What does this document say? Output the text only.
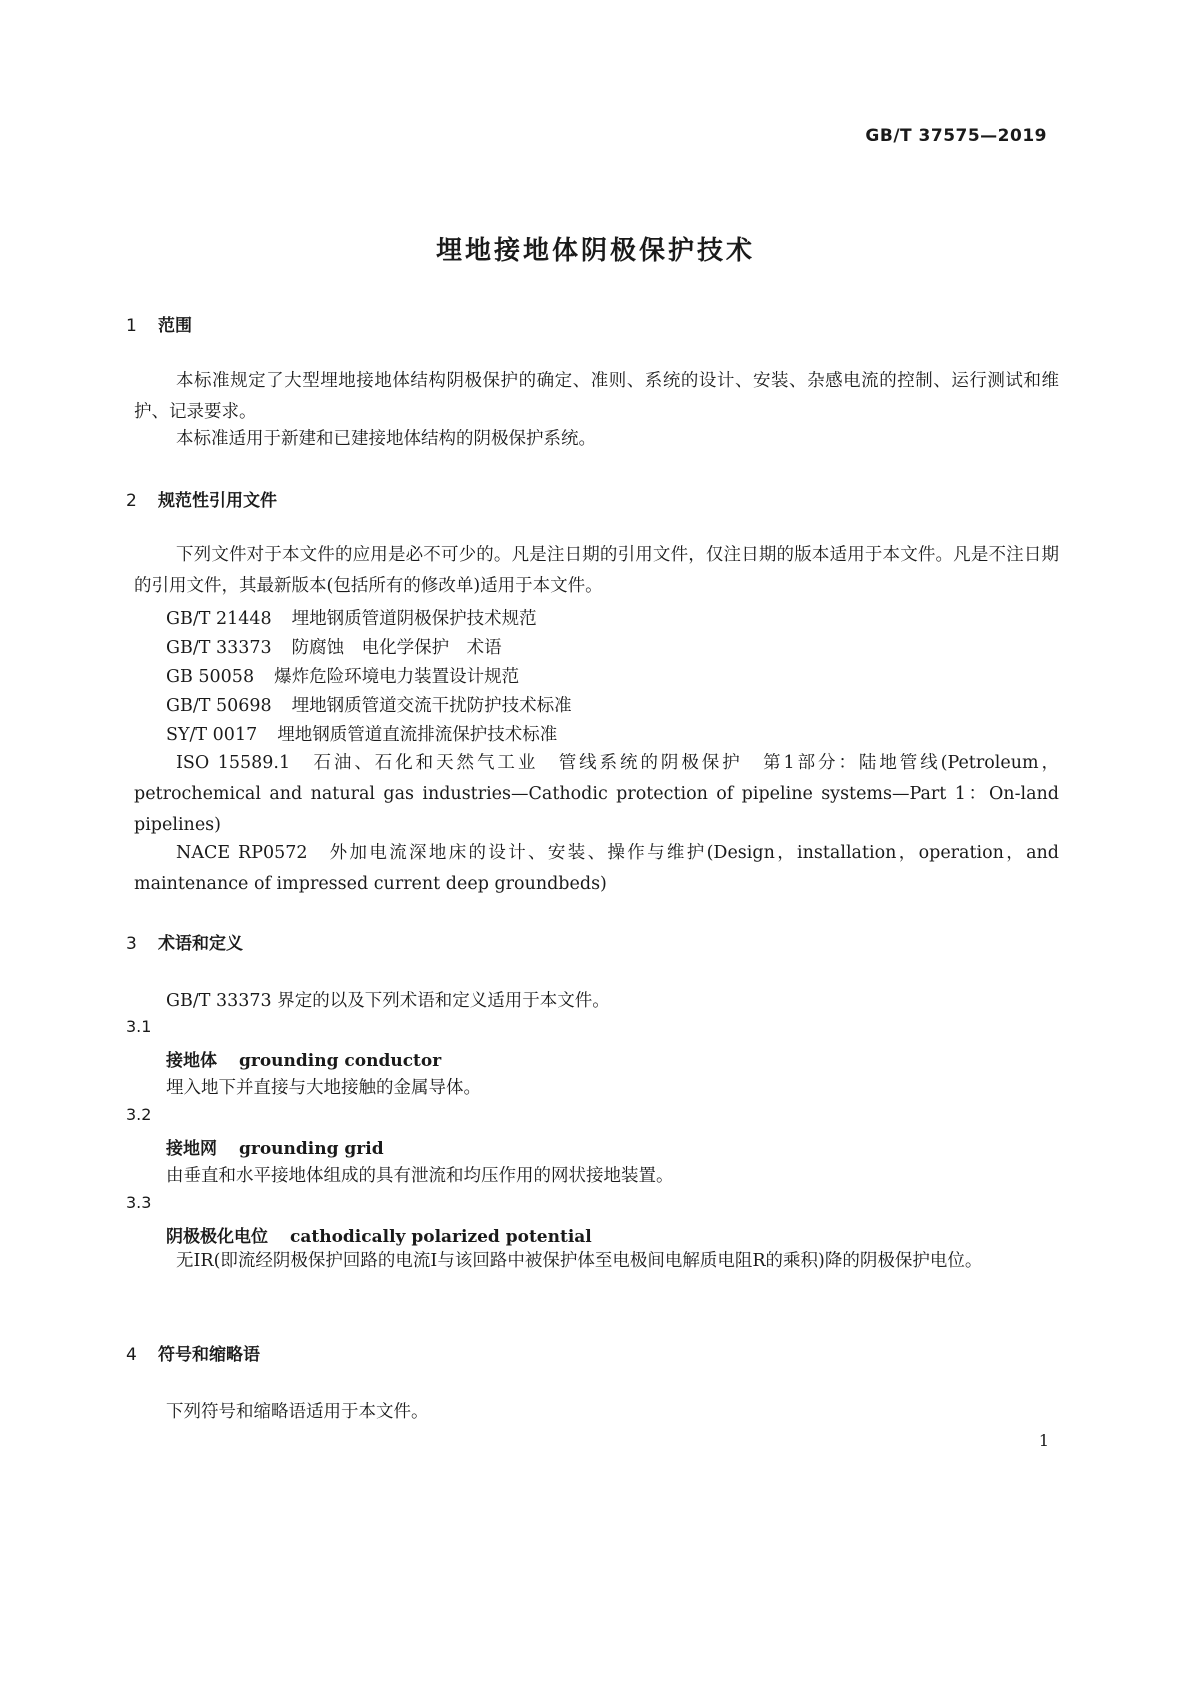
GB/T 37575—2019
埋地接地体阴极保护技术
1 范围
本标准规定了大型埋地接地体结构阴极保护的确定、准则、系统的设计、安装、杂感电流的控制、运行测试和维护、记录要求。
本标准适用于新建和已建接地体结构的阴极保护系统。
2 规范性引用文件
下列文件对于本文件的应用是必不可少的。凡是注日期的引用文件，仅注日期的版本适用于本文件。凡是不注日期的引用文件，其最新版本(包括所有的修改单)适用于本文件。
GB/T 21448 埋地钢质管道阴极保护技术规范
GB/T 33373 防腐蚀　电化学保护　术语
GB 50058 爆炸危险环境电力装置设计规范
GB/T 50698 埋地钢质管道交流干扰防护技术标准
SY/T 0017 埋地钢质管道直流排流保护技术标准
ISO 15589.1　石油、石化和天然气工业　管线系统的阴极保护　第1部分：陆地管线(Petroleum，petrochemical and natural gas industries—Cathodic protection of pipeline systems—Part 1：On-land pipelines)
NACE RP0572　外加电流深地床的设计、安装、操作与维护(Design，installation，operation，and maintenance of impressed current deep groundbeds)
3 术语和定义
GB/T 33373 界定的以及下列术语和定义适用于本文件。
3.1
接地体 grounding conductor
埋入地下并直接与大地接触的金属导体。
3.2
接地网 grounding grid
由垂直和水平接地体组成的具有泄流和均压作用的网状接地装置。
3.3
阴极极化电位 cathodically polarized potential
无IR(即流经阴极保护回路的电流I与该回路中被保护体至电极间电解质电阻R的乘积)降的阴极保护电位。
4 符号和缩略语
下列符号和缩略语适用于本文件。
1
